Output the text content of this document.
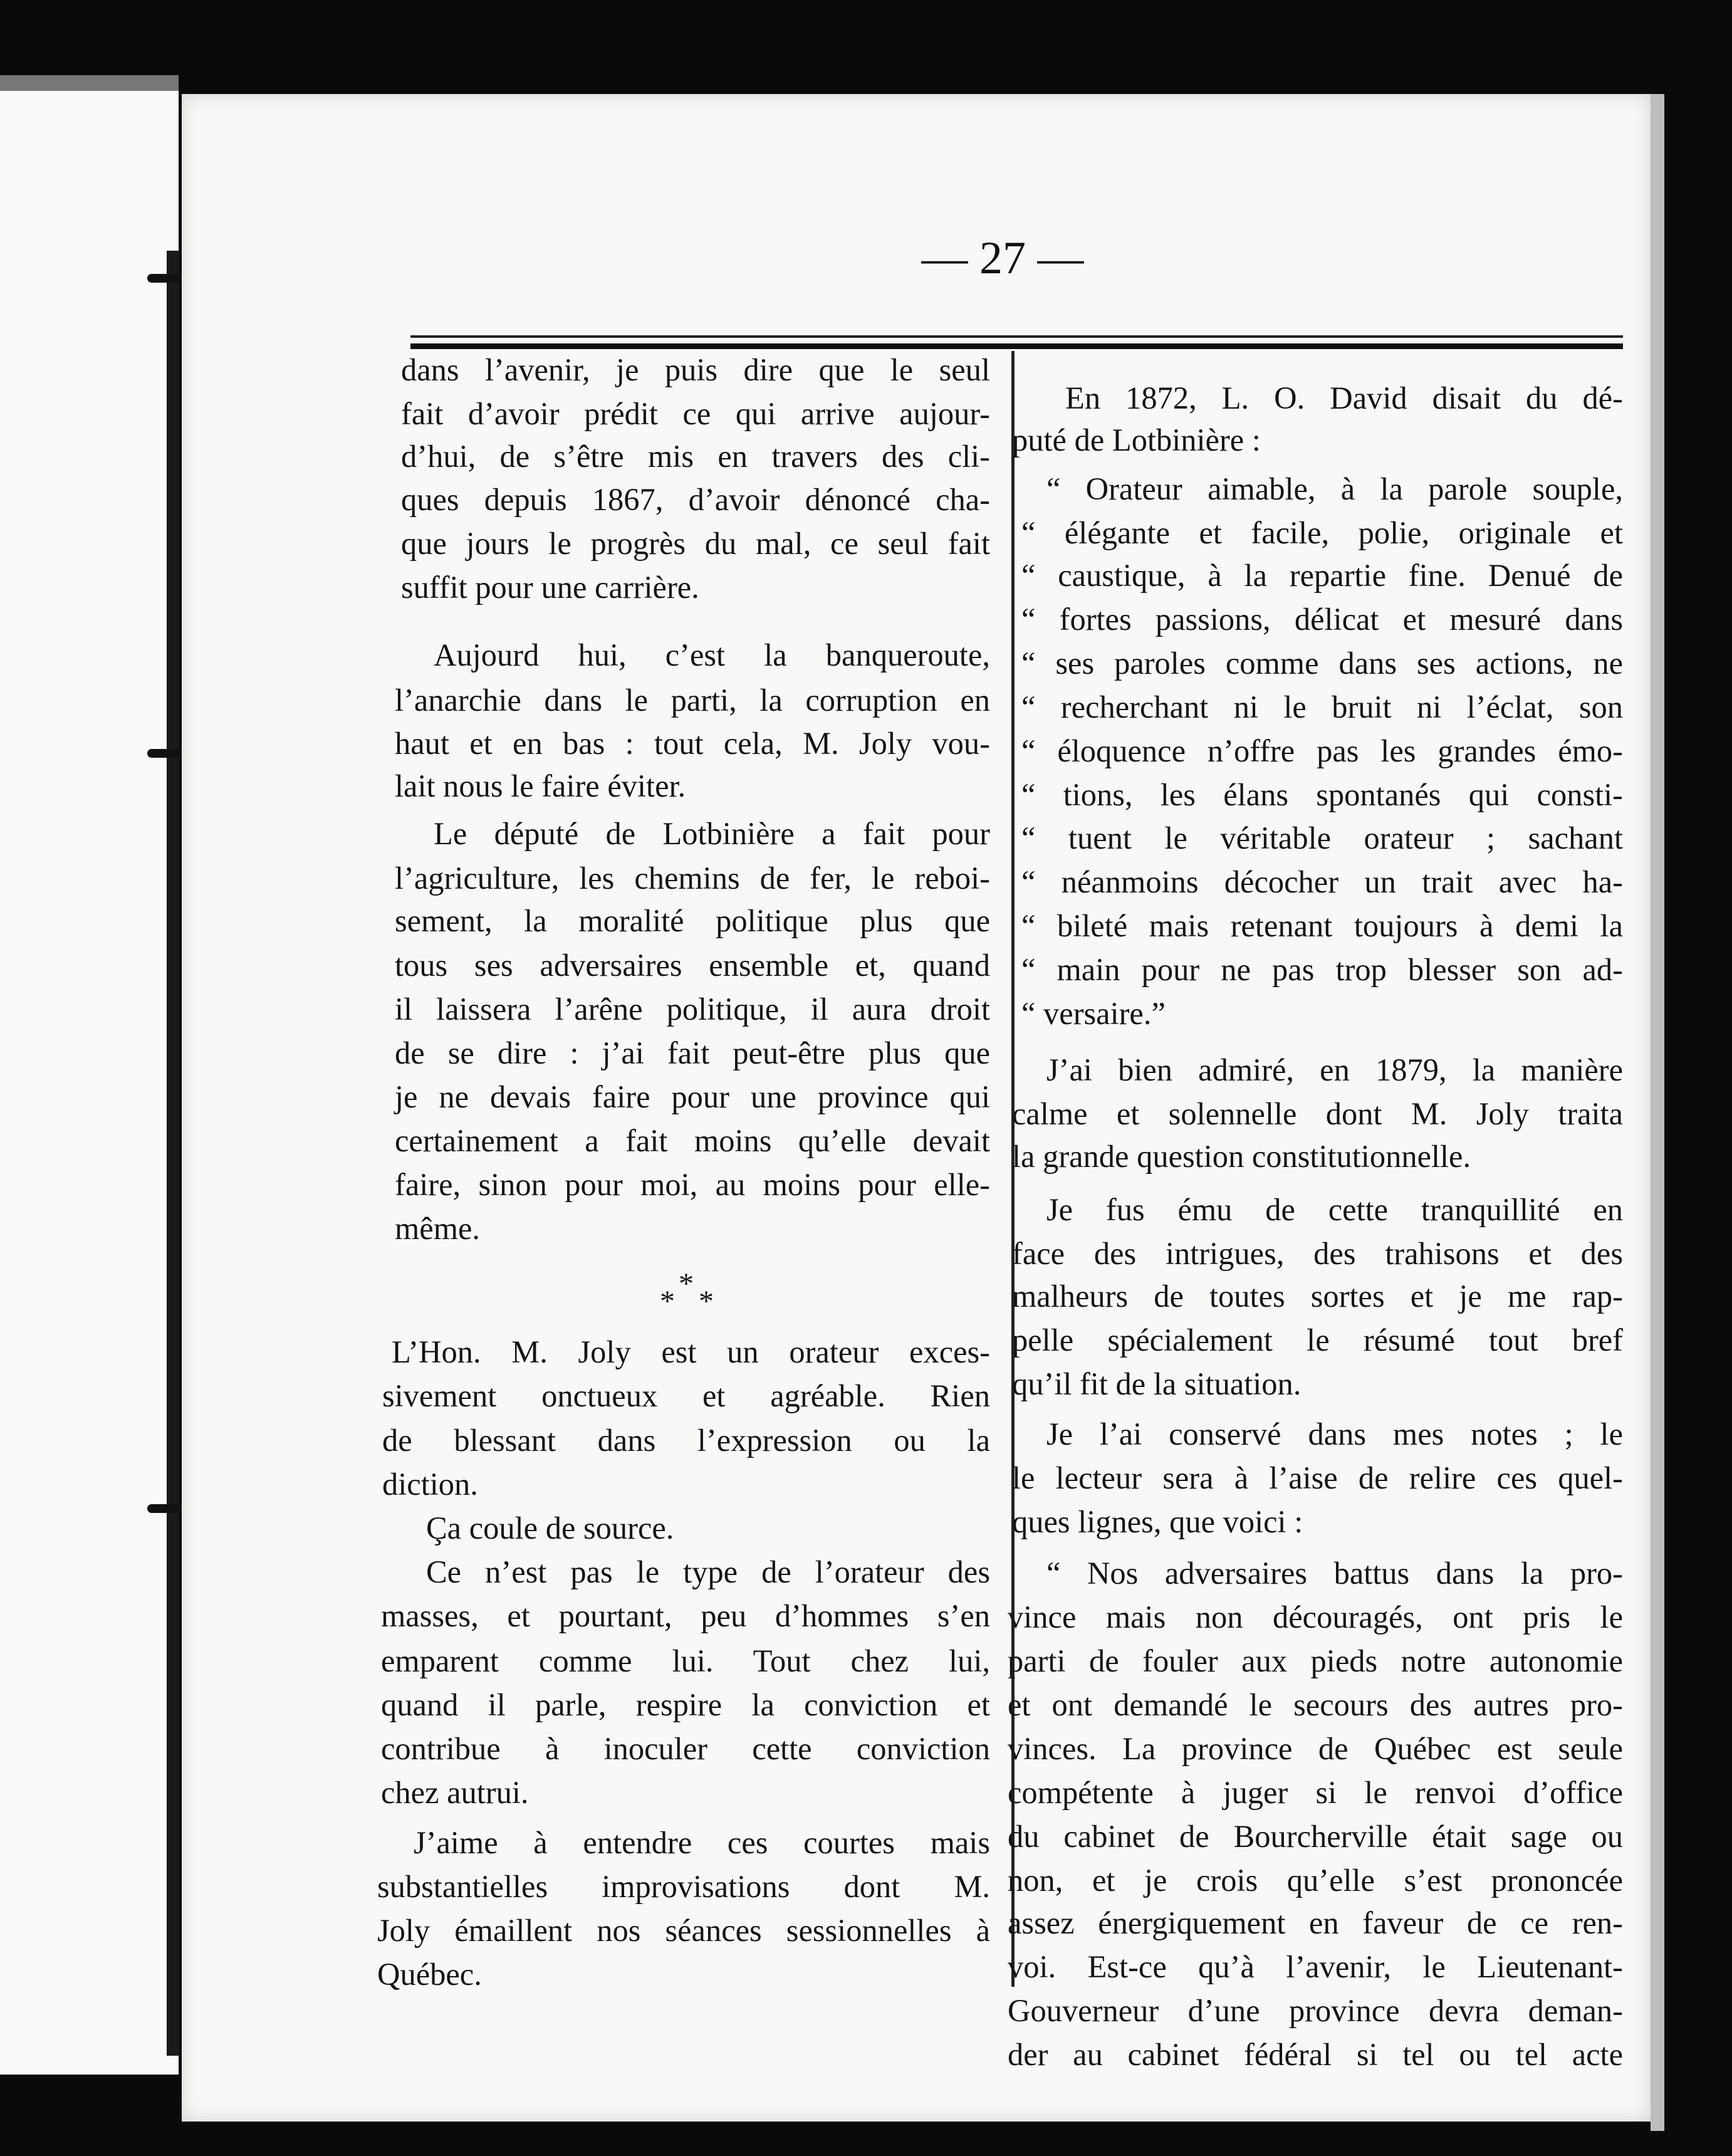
— 27 —
dans l’avenir, je puis dire que le seul
fait d’avoir prédit ce qui arrive aujour-
d’hui, de s’être mis en travers des cli-
ques depuis 1867, d’avoir dénoncé cha-
que jours le progrès du mal, ce seul fait
suffit pour une carrière.
Aujourd hui, c’est la banqueroute,
l’anarchie dans le parti, la corruption en
haut et en bas : tout cela, M. Joly vou-
lait nous le faire éviter.
Le député de Lotbinière a fait pour
l’agriculture, les chemins de fer, le reboi-
sement, la moralité politique plus que
tous ses adversaires ensemble et, quand
il laissera l’arêne politique, il aura droit
de se dire : j’ai fait peut-être plus que
je ne devais faire pour une province qui
certainement a fait moins qu’elle devait
faire, sinon pour moi, au moins pour elle-
même.
L’Hon. M. Joly est un orateur exces-
sivement onctueux et agréable. Rien
de blessant dans l’expression ou la
diction.
Ça coule de source.
Ce n’est pas le type de l’orateur des
masses, et pourtant, peu d’hommes s’en
emparent comme lui. Tout chez lui,
quand il parle, respire la conviction et
contribue à inoculer cette conviction
chez autrui.
J’aime à entendre ces courtes mais
substantielles improvisations dont M.
Joly émaillent nos séances sessionnelles à
Québec.
En 1872, L. O. David disait du dé-
puté de Lotbinière :
“ Orateur aimable, à la parole souple,
“ élégante et facile, polie, originale et
“ caustique, à la repartie fine. Denué de
“ fortes passions, délicat et mesuré dans
“ ses paroles comme dans ses actions, ne
“ recherchant ni le bruit ni l’éclat, son
“ éloquence n’offre pas les grandes émo-
“ tions, les élans spontanés qui consti-
“ tuent le véritable orateur ; sachant
“ néanmoins décocher un trait avec ha-
“ bileté mais retenant toujours à demi la
“ main pour ne pas trop blesser son ad-
“ versaire.”
J’ai bien admiré, en 1879, la manière
calme et solennelle dont M. Joly traita
la grande question constitutionnelle.
Je fus ému de cette tranquillité en
face des intrigues, des trahisons et des
malheurs de toutes sortes et je me rap-
pelle spécialement le résumé tout bref
qu’il fit de la situation.
Je l’ai conservé dans mes notes ; le
le lecteur sera à l’aise de relire ces quel-
ques lignes, que voici :
“ Nos adversaires battus dans la pro-
vince mais non découragés, ont pris le
parti de fouler aux pieds notre autonomie
et ont demandé le secours des autres pro-
vinces. La province de Québec est seule
compétente à juger si le renvoi d’office
du cabinet de Bourcherville était sage ou
non, et je crois qu’elle s’est prononcée
assez énergiquement en faveur de ce ren-
voi. Est-ce qu’à l’avenir, le Lieutenant-
Gouverneur d’une province devra deman-
der au cabinet fédéral si tel ou tel acte
*
* *
